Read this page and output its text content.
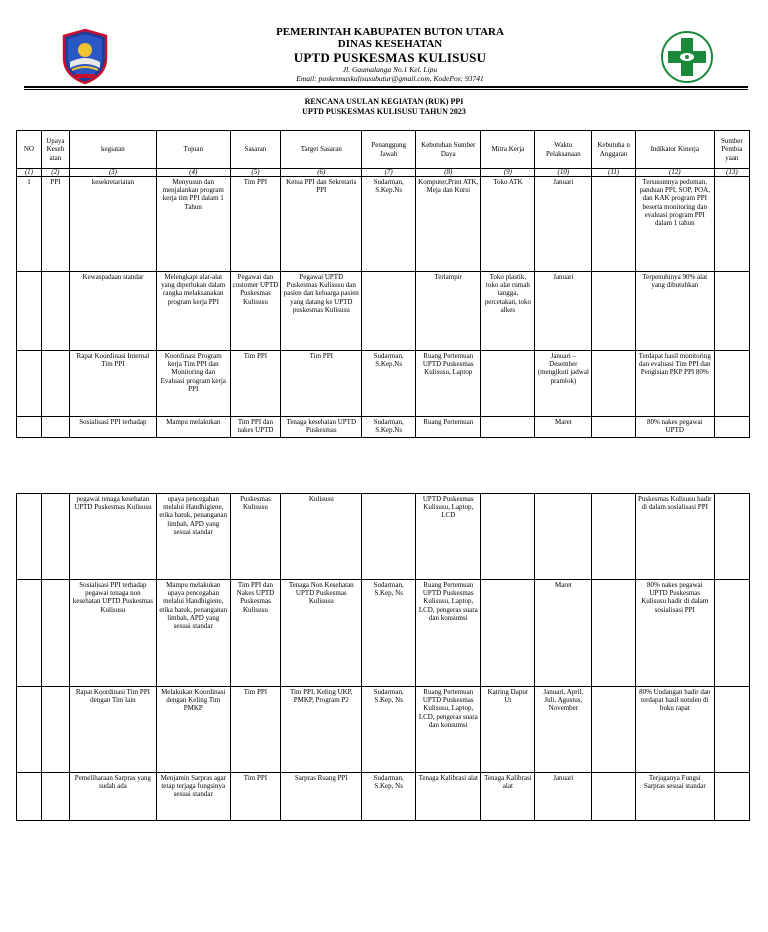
PEMERINTAH KABUPATEN BUTON UTARA
DINAS KESEHATAN
UPTD PUSKESMAS KULISUSU
Jl. Gaumalanga No.1 Kel. Lipu
Email: puskesmaskulisusubutur@gmail.com, KodePos: 93741
RENCANA USULAN KEGIATAN (RUK) PPI
UPTD PUSKESMAS KULISUSU TAHUN 2023
NO	Upaya Keseh atan	kegiatan	Tujuan	Sasaran	Target Sasaran	Penanggung Jawab	Kebutuhan Sumber Daya	Mitra Kerja	Waktu Pelaksanaan	Kebutuha n Anggaran	Indikator Kinerja	Sumber Pembia yaan
(1)	(2)	(3)	(4)	(5)	(6)	(7)	(8)	(9)	(10)	(11)	(12)	(13)
1	PPI	kesekretariatan	Menyusun dan menjalankan program kerja tim PPI dalam 1 Tahun	Tim PPI	Ketua PPI dan Sekretaris PPI	Sudarman, S.Kep.Ns	Komputer,Print ATK, Meja dan Kursi	Toko ATK	Januari		Tersusunnya pedoman, panduan PPI, SOP, POA, dan KAK program PPI beserta monitoring dan evaluasi program PPI dalam 1 tahun	
		Kewaspadaan standar	Melengkapi alat-alat yang diperlukan dalam rangka melaksanakan program kerja PPI	Pegawai dan customer UPTD Puskesmas Kulisusu	Pegawai UPTD Puskesmas Kulisusu dan pasien dan keluarga pasien yang datang ke UPTD puskesmas Kulisusu		Terlampir	Toko plastik, toko alat rumah tangga, percetakan, toko alkes	Januari		Terpenuhinya 90% alat yang dibutuhkan	
		Rapat Koordinasi Internal Tim PPI	Koordinasi Program kerja Tim PPI dan Monitoring dan Evaluasi program kerja PPI	Tim PPI	Tim PPI	Sudarman, S.Kep.Ns	Ruang Pertemuan UPTD Puskesmas Kulisusu, Laptop		Januari – Desember (mengikuti jadwal pramlok)		Terdapat hasil monitoring dan evaluasi Tim PPI dan Pengisian PKP PPI 80%	
		Sosialisasi PPI terhadap	Mampu melakukan	Tim PPI dan nakes UPTD	Tenaga kesehatan UPTD Puskesmas	Sudarman, S.Kep.Ns	Ruang Pertemuan		Maret		80% nakes pegawai UPTD	
		pegawai tenaga kesehatan UPTD Puskesmas Kulisusu	upaya pencegahan melalui Handhigiene, etika batuk, penanganan limbah, APD yang sesuai standar	Puskesmas Kulisusu	Kulisusu		UPTD Puskesmas Kulisusu, Laptop, LCD				Puskesmas Kulisusu hadir di dalam sosialisasi PPI	
		Sosialisasi PPI terhadap pegawai tenaga non kesehatan UPTD Puskesmas Kulisusu	Mampu melakukan upaya pencegahan melalui Handhigiene, etika batuk, penanganan limbah, APD yang sesuai standar	Tim PPI dan Nakes UPTD Puskesmas Kulisusu	Tenaga Non Kesehatan UPTD Puskesmas Kulisusu	Sudarman, S.Kep, Ns	Ruang Pertemuan UPTD Puskesmas Kulisusu, Laptop, LCD, pengeras suara dan konsumsi		Maret		80% nakes pegawai UPTD Puskesmas Kulisusu hadir di dalam sosialisasi PPI	
		Rapat Koordinasi Tim PPI dengan Tim lain	Melakukan Koordinasi dengan Keling Tim PMKP	Tim PPI	Tim PPI, Keling UKP, PMKP, Program P2	Sudarman, S.Kep, Ns	Ruang Pertemuan UPTD Puskesmas Kulisusu, Laptop, LCD, pengeras suara dan konsumsi	Katring Dapur Ut	Januari, April, Juli, Agustus, November		80% Undangan hadir dan terdapat hasil notulen di buku rapat	
		Pemeliharaan Sarpras yang sudah ada	Menjamin Sarpras agar tetap terjaga fungsinya sesuai standar	Tim PPI	Sarpras Ruang PPI	Sudarman, S.Kep, Ns	Tenaga Kalibrasi alat	Tenaga Kalibrasi alat	Januari		Terjaganya Fungsi Sarpras sesuai standar	
